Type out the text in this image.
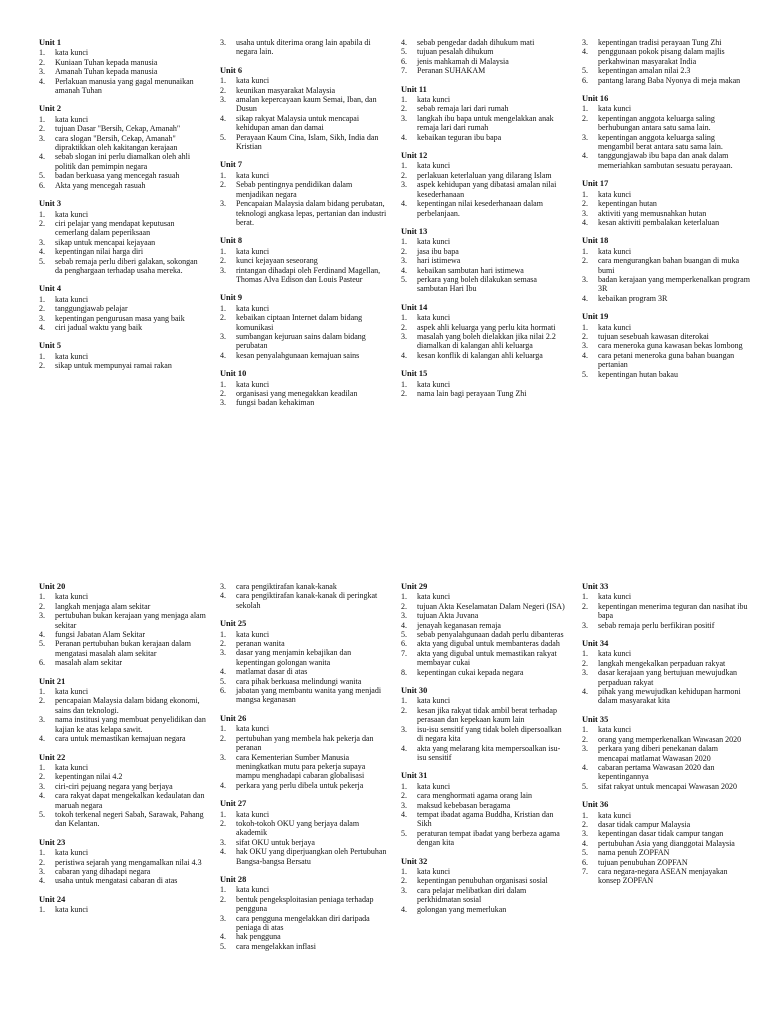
Unit 1
1. kata kunci
2. Kuniaan Tuhan kepada manusia
3. Amanah Tuhan kepada manusia
4. Perlakuan manusia yang gagal menunaikan amanah Tuhan
Unit 2
1. kata kunci
2. tujuan Dasar "Bersih, Cekap, Amanah"
3. cara slogan "Bersih, Cekap, Amanah" dipraktikkan oleh kakitangan kerajaan
4. sebab slogan ini perlu diamalkan oleh ahli politik dan pemimpin negara
5. badan berkuasa yang mencegah rasuah
6. Akta yang mencegah rasuah
Unit 3
1. kata kunci
2. ciri pelajar yang mendapat keputusan cemerlang dalam peperiksaan
3. sikap untuk mencapai kejayaan
4. kepentingan nilai harga diri
5. sebab remaja perlu diberi galakan, sokongan da penghargaan terhadap usaha mereka.
Unit 4
1. kata kunci
2. tanggungjawab pelajar
3. kepentingan pengurusan masa yang baik
4. ciri jadual waktu yang baik
Unit 5
1. kata kunci
2. sikap untuk mempunyai ramai rakan
3. usaha untuk diterima orang lain apabila di negara lain.
Unit 6
1. kata kunci
2. keunikan masyarakat Malaysia
3. amalan kepercayaan kaum Semai, Iban, dan Dusun
4. sikap rakyat Malaysia untuk mencapai kehidupan aman dan damai
5. Perayaan Kaum Cina, Islam, Sikh, India dan Kristian
Unit 7
1. kata kunci
2. Sebab pentingnya pendidikan dalam menjadikan negara
3. Pencapaian Malaysia dalam bidang perubatan, teknologi angkasa lepas, pertanian dan industri berat.
Unit 8
1. kata kunci
2. kunci kejayaan seseorang
3. rintangan dihadapi oleh Ferdinand Magellan, Thomas Alva Edison dan Louis Pasteur
Unit 9
1. kata kunci
2. kebaikan ciptaan Internet dalam bidang komunikasi
3. sumbangan kejuruan sains dalam bidang perubatan
4. kesan penyalahgunaan kemajuan sains
Unit 10
1. kata kunci
2. organisasi yang menegakkan keadilan
3. fungsi badan kehakiman
4. sebab pengedar dadah dihukum mati
5. tujuan pesalah dihukum
6. jenis mahkamah di Malaysia
7. Peranan SUHAKAM
Unit 11
1. kata kunci
2. sebab remaja lari dari rumah
3. langkah ibu bapa untuk mengelakkan anak remaja lari dari rumah
4. kebaikan teguran ibu bapa
Unit 12
1. kata kunci
2. perlakuan keterlaluan yang dilarang Islam
3. aspek kehidupan yang dibatasi amalan nilai kesederhanaan
4. kepentingan nilai kesederhanaan dalam perbelanjaan.
Unit 13
1. kata kunci
2. jasa ibu bapa
3. hari istimewa
4. kebaikan sambutan hari istimewa
5. perkara yang boleh dilakukan semasa sambutan Hari Ibu
Unit 14
1. kata kunci
2. aspek ahli keluarga yang perlu kita hormati
3. masalah yang boleh dielakkan jika nilai 2.2 diamalkan di kalangan ahli keluarga
4. kesan konflik di kalangan ahli keluarga
Unit 15
1. kata kunci
2. nama lain bagi perayaan Tung Zhi
3. kepentingan tradisi perayaan Tung Zhi
4. penggunaan pokok pisang dalam majlis perkahwinan masyarakat India
5. kepentingan amalan nilai 2.3
6. pantang larang Baba Nyonya di meja makan
Unit 16
1. kata kunci
2. kepentingan anggota keluarga saling berhubungan antara satu sama lain.
3. kepentingan anggota keluarga saling mengambil berat antara satu sama lain.
4. tanggungjawab ibu bapa dan anak dalam memeriahkan sambutan sesuatu perayaan.
Unit 17
1. kata kunci
2. kepentingan hutan
3. aktiviti yang memusnahkan hutan
4. kesan aktiviti pembalakan keterlaluan
Unit 18
1. kata kunci
2. cara mengurangkan bahan buangan di muka bumi
3. badan kerajaan yang memperkenalkan program 3R
4. kebaikan program 3R
Unit 19
1. kata kunci
2. tujuan sesebuah kawasan diterokai
3. cara meneroka guna kawasan bekas lombong
4. cara petani meneroka guna bahan buangan pertanian
5. kepentingan hutan bakau
Unit 20
1. kata kunci
2. langkah menjaga alam sekitar
3. pertubuhan bukan kerajaan yang menjaga alam sekitar
4. fungsi Jabatan Alam Sekitar
5. Peranan pertubuhan bukan kerajaan dalam mengatasi masalah alam sekitar
6. masalah alam sekitar
Unit 21
1. kata kunci
2. pencapaian Malaysia dalam bidang ekonomi, sains dan teknologi.
3. nama institusi yang membuat penyelidikan dan kajian ke atas kelapa sawit.
4. cara untuk memastikan kemajuan negara
Unit 22
1. kata kunci
2. kepentingan nilai 4.2
3. ciri-ciri pejuang negara yang berjaya
4. cara rakyat dapat mengekalkan kedaulatan dan maruah negara
5. tokoh terkenal negeri Sabah, Sarawak, Pahang dan Kelantan.
Unit 23
1. kata kunci
2. peristiwa sejarah yang mengamalkan nilai 4.3
3. cabaran yang dihadapi negara
4. usaha untuk mengatasi cabaran di atas
Unit 24
1. kata kunci
3. cara pengiktirafan kanak-kanak
4. cara pengiktirafan kanak-kanak di peringkat sekolah
Unit 25
1. kata kunci
2. peranan wanita
3. dasar yang menjamin kebajikan dan kepentingan golongan wanita
4. matlamat dasar di atas
5. cara pihak berkuasa melindungi wanita
6. jabatan yang membantu wanita yang menjadi mangsa keganasan
Unit 26
1. kata kunci
2. pertubuhan yang membela hak pekerja dan peranan
3. cara Kementerian Sumber Manusia meningkatkan mutu para pekerja supaya mampu menghadapi cabaran globalisasi
4. perkara yang perlu dibela untuk pekerja
Unit 27
1. kata kunci
2. tokoh-tokoh OKU yang berjaya dalam akademik
3. sifat OKU untuk berjaya
4. hak OKU yang diperjuangkan oleh Pertubuhan Bangsa-bangsa Bersatu
Unit 28
1. kata kunci
2. bentuk pengeksploitasian peniaga terhadap pengguna
3. cara pengguna mengelakkan diri daripada peniaga di atas
4. hak pengguna
5. cara mengelakkan inflasi
Unit 29
1. kata kunci
2. tujuan Akta Keselamatan Dalam Negeri (ISA)
3. tujuan Akta Juvana
4. jenayah keganasan remaja
5. sebab penyalahgunaan dadah perlu dibanteras
6. akta yang digubal untuk membanteras dadah
7. akta yang digubal untuk memastikan rakyat membayar cukai
8. kepentingan cukai kepada negara
Unit 30
1. kata kunci
2. kesan jika rakyat tidak ambil berat terhadap perasaan dan kepekaan kaum lain
3. isu-isu sensitif yang tidak boleh dipersoalkan di negara kita
4. akta yang melarang kita mempersoalkan isu-isu sensitif
Unit 31
1. kata kunci
2. cara menghormati agama orang lain
3. maksud kebebasan beragama
4. tempat ibadat agama Buddha, Kristian dan Sikh
5. peraturan tempat ibadat yang berbeza agama dengan kita
Unit 32
1. kata kunci
2. kepentingan penubuhan organisasi sosial
3. cara pelajar melibatkan diri dalam perkhidmatan sosial
4. golongan yang memerlukan
Unit 33
1. kata kunci
2. kepentingan menerima teguran dan nasihat ibu bapa
3. sebab remaja perlu berfikiran positif
Unit 34
1. kata kunci
2. langkah mengekalkan perpaduan rakyat
3. dasar kerajaan yang bertujuan mewujudkan perpaduan rakyat
4. pihak yang mewujudkan kehidupan harmoni dalam masyarakat kita
Unit 35
1. kata kunci
2. orang yang memperkenalkan Wawasan 2020
3. perkara yang diberi penekanan dalam mencapai matlamat Wawasan 2020
4. cabaran pertama Wawasan 2020 dan kepentingannya
5. sifat rakyat untuk mencapai Wawasan 2020
Unit 36
1. kata kunci
2. dasar tidak campur Malaysia
3. kepentingan dasar tidak campur tangan
4. pertubuhan Asia yang dianggotai Malaysia
5. nama penuh ZOPFAN
6. tujuan penubuhan ZOPFAN
7. cara negara-negara ASEAN menjayakan konsep ZOPFAN
